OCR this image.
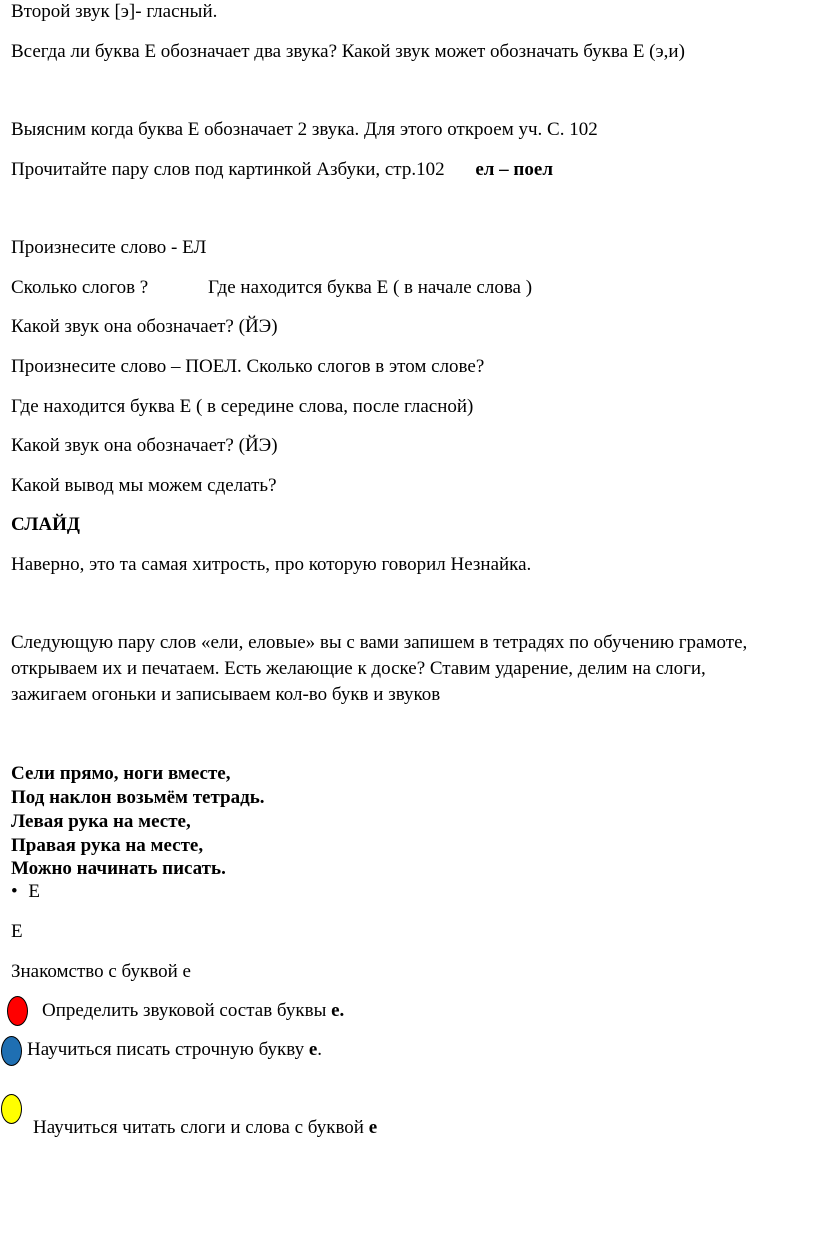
Второй звук [э]- гласный.
Всегда ли буква Е обозначает два звука? Какой звук может обозначать буква Е (э,и)
Выясним когда буква Е обозначает 2 звука. Для этого откроем уч. С. 102
Прочитайте пару слов под картинкой Азбуки, стр.102 ел – поел
Произнесите слово - ЕЛ
Сколько слогов ?	Где находится буква Е ( в начале слова )
Какой звук она обозначает? (ЙЭ)
Произнесите слово – ПОЕЛ. Сколько слогов в этом слове?
Где находится буква Е ( в середине слова, после гласной)
Какой звук она обозначает? (ЙЭ)
Какой вывод мы можем сделать?
СЛАЙД
Наверно, это та самая хитрость, про которую говорил Незнайка.
Следующую пару слов «ели, еловые» вы с вами запишем в тетрадях по обучению грамоте,
открываем их и печатаем. Есть желающие к доске? Ставим ударение, делим на слоги,
зажигаем огоньки и записываем кол-во букв и звуков
Сели прямо, ноги вместе,
Под наклон возьмём тетрадь.
Левая рука на месте,
Правая рука на месте,
Можно начинать писать.
• Е
Е
Знакомство с буквой е
Определить звуковой состав буквы е.
Научиться писать строчную букву е.
Научиться читать слоги и слова с буквой е
